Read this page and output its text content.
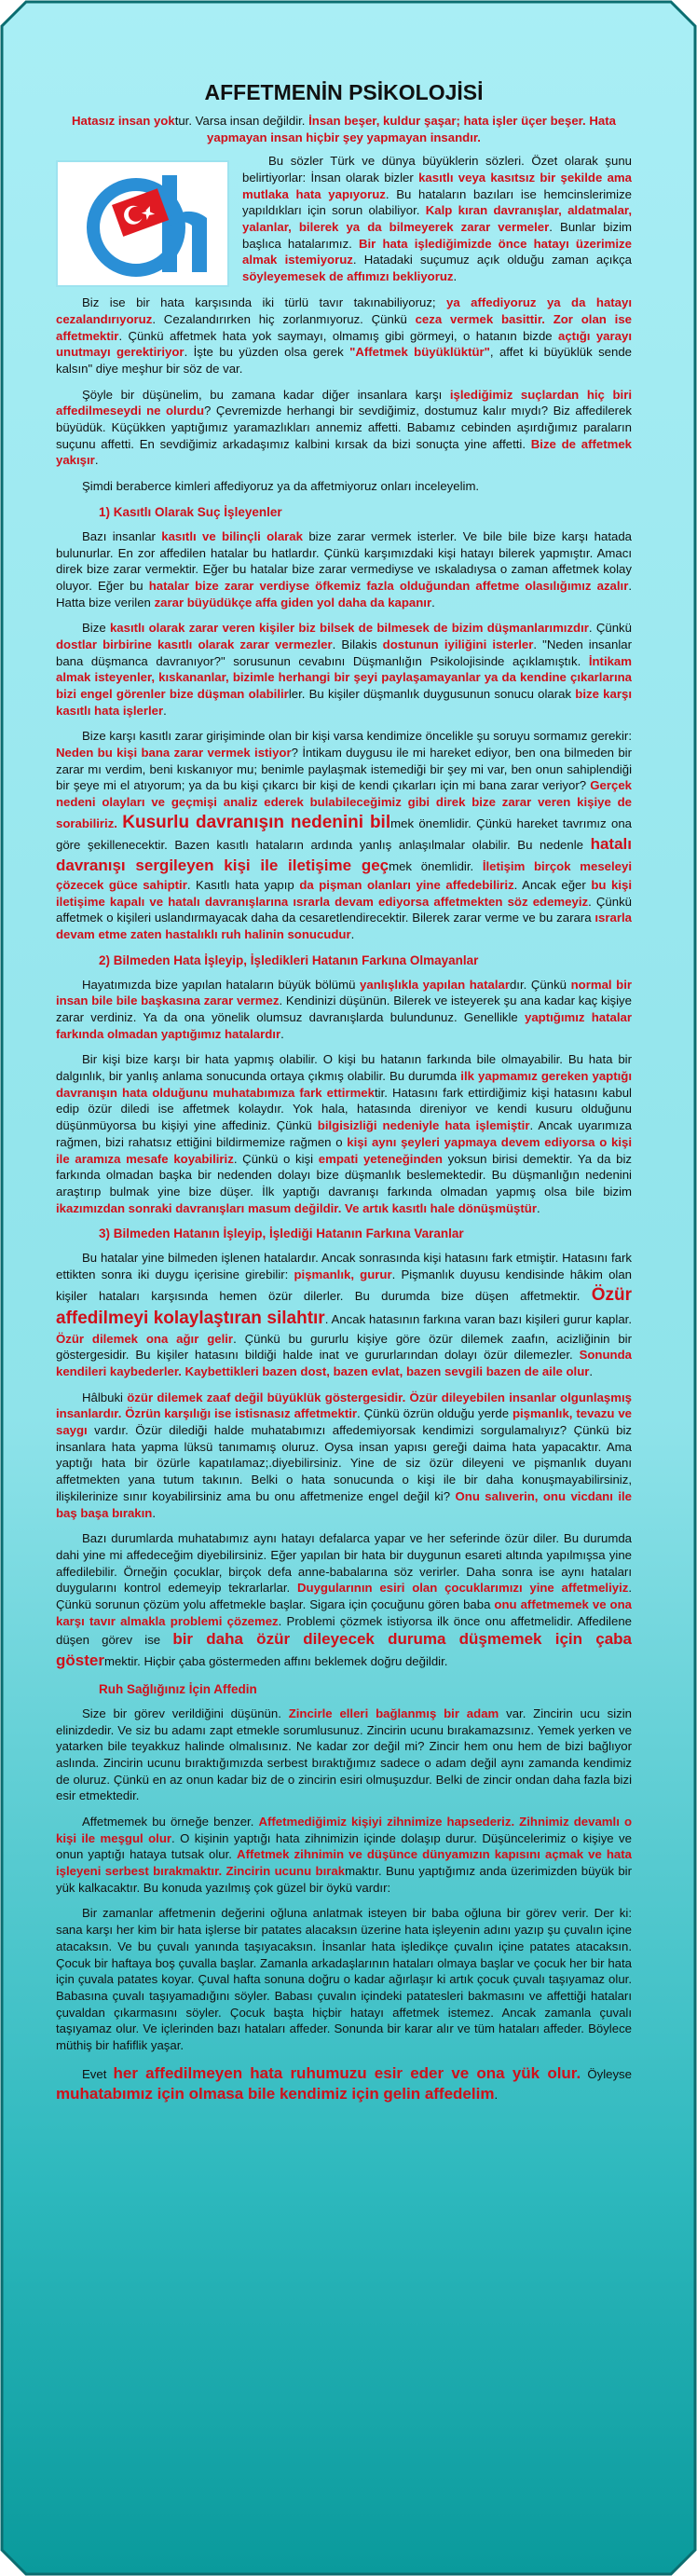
AFFETMENİN PSİKOLOJİSİ

Hatasız insan yoktur. Varsa insan değildir. İnsan beşer, kuldur şaşar; hata işler üçer beşer. Hata yapmayan insan hiçbir şey yapmayan insandır.

Bu sözler Türk ve dünya büyüklerin sözleri. Özet olarak şunu belirtiyorlar: İnsan olarak bizler kasıtlı veya kasıtsız bir şekilde ama mutlaka hata yapıyoruz. Bu hataların bazıları ise hemcinslerimize yapıldıkları için sorun olabiliyor. Kalp kıran davranışlar, aldatmalar, yalanlar, bilerek ya da bilmeyerek zarar vermeler. Bunlar bizim başlıca hatalarımız. Bir hata işlediğimizde önce hatayı üzerimize almak istemiyoruz. Hatadaki suçumuz açık olduğu zaman açıkça söyleyemesek de affımızı bekliyoruz.

Biz ise bir hata karşısında iki türlü tavır takınabiliyoruz; ya affediyoruz ya da hatayı cezalandırıyoruz. Cezalandırırken hiç zorlanmıyoruz. Çünkü ceza vermek basittir. Zor olan ise affetmektir. Çünkü affetmek hata yok saymayı, olmamış gibi görmeyi, o hatanın bizde açtığı yarayı unutmayı gerektiriyor. İşte bu yüzden olsa gerek "Affetmek büyüklüktür", affet ki büyüklük sende kalsın" diye meşhur bir söz de var.

Şöyle bir düşünelim, bu zamana kadar diğer insanlara karşı işlediğimiz suçlardan hiç biri affedilmeseydi ne olurdu? Çevremizde herhangi bir sevdiğimiz, dostumuz kalır mıydı? Biz affedilerek büyüdük. Küçükken yaptığımız yaramazlıkları annemiz affetti. Babamız cebinden aşırdığımız paraların suçunu affetti. En sevdiğimiz arkadaşımız kalbini kırsak da bizi sonuçta yine affetti. Bize de affetmek yakışır.

Şimdi beraberce kimleri affediyoruz ya da affetmiyoruz onları inceleyelim.

1) Kasıtlı Olarak Suç İşleyenler

Bazı insanlar kasıtlı ve bilinçli olarak bize zarar vermek isterler. Ve bile bile bize karşı hatada bulunurlar. En zor affedilen hatalar bu hatlardır. Çünkü karşımızdaki kişi hatayı bilerek yapmıştır. Amacı direk bize zarar vermektir. Eğer bu hatalar bize zarar vermediyse ve ıskaladıysa o zaman affetmek kolay oluyor. Eğer bu hatalar bize zarar verdiyse öfkemiz fazla olduğundan affetme olasılığımız azalır. Hatta bize verilen zarar büyüdükçe affa giden yol daha da kapanır.

Bize kasıtlı olarak zarar veren kişiler biz bilsek de bilmesek de bizim düşmanlarımızdır. Çünkü dostlar birbirine kasıtlı olarak zarar vermezler. Bilakis dostunun iyiliğini isterler. "Neden insanlar bana düşmanca davranıyor?" sorusunun cevabını Düşmanlığın Psikolojisinde açıklamıştık. İntikam almak isteyenler, kıskananlar, bizimle herhangi bir şeyi paylaşamayanlar ya da kendine çıkarlarına bizi engel görenler bize düşman olabilirler. Bu kişiler düşmanlık duygusunun sonucu olarak bize karşı kasıtlı hata işlerler.

Bize karşı kasıtlı zarar girişiminde olan bir kişi varsa kendimize öncelikle şu soruyu sormamız gerekir: Neden bu kişi bana zarar vermek istiyor? İntikam duygusu ile mi hareket ediyor, ben ona bilmeden bir zarar mı verdim, beni kıskanıyor mu; benimle paylaşmak istemediği bir şey mi var, ben onun sahiplendiği bir şeye mi el atıyorum; ya da bu kişi çıkarcı bir kişi de kendi çıkarları için mi bana zarar veriyor? Gerçek nedeni olayları ve geçmişi analiz ederek bulabileceğimiz gibi direk bize zarar veren kişiye de sorabiliriz. Kusurlu davranışın nedenini bilmek önemlidir. Çünkü hareket tavrımız ona göre şekillenecektir. Bazen kasıtlı hataların ardında yanlış anlaşılmalar olabilir. Bu nedenle hatalı davranışı sergileyen kişi ile iletişime geçmek önemlidir. İletişim birçok meseleyi çözecek güce sahiptir. Kasıtlı hata yapıp da pişman olanları yine affedebiliriz. Ancak eğer bu kişi iletişime kapalı ve hatalı davranışlarına ısrarla devam ediyorsa affetmekten söz edemeyiz. Çünkü affetmek o kişileri uslandırmayacak daha da cesaretlendirecektir. Bilerek zarar verme ve bu zarara ısrarla devam etme zaten hastalıklı ruh halinin sonucudur.

2) Bilmeden Hata İşleyip, İşledikleri Hatanın Farkına Olmayanlar

Hayatımızda bize yapılan hataların büyük bölümü yanlışlıkla yapılan hatalardır. Çünkü normal bir insan bile bile başkasına zarar vermez. Kendinizi düşünün. Bilerek ve isteyerek şu ana kadar kaç kişiye zarar verdiniz. Ya da ona yönelik olumsuz davranışlarda bulundunuz. Genellikle yaptığımız hatalar farkında olmadan yaptığımız hatalardır.

Bir kişi bize karşı bir hata yapmış olabilir. O kişi bu hatanın farkında bile olmayabilir. Bu hata bir dalgınlık, bir yanlış anlama sonucunda ortaya çıkmış olabilir. Bu durumda ilk yapmamız gereken yaptığı davranışın hata olduğunu muhatabımıza fark ettirmektir. Hatasını fark ettirdiğimiz kişi hatasını kabul edip özür diledi ise affetmek kolaydır. Yok hala, hatasında direniyor ve kendi kusuru olduğunu düşünmüyorsa bu kişiyi yine affediniz. Çünkü bilgisizliği nedeniyle hata işlemiştir. Ancak uyarımıza rağmen, bizi rahatsız ettiğini bildirmemize rağmen o kişi aynı şeyleri yapmaya devem ediyorsa o kişi ile aramıza mesafe koyabiliriz. Çünkü o kişi empati yeteneğinden yoksun birisi demektir. Ya da biz farkında olmadan başka bir nedenden dolayı bize düşmanlık beslemektedir. Bu düşmanlığın nedenini araştırıp bulmak yine bize düşer. İlk yaptığı davranışı farkında olmadan yapmış olsa bile bizim ikazımızdan sonraki davranışları masum değildir. Ve artık kasıtlı hale dönüşmüştür.

3) Bilmeden Hatanın İşleyip, İşlediği Hatanın Farkına Varanlar

Bu hatalar yine bilmeden işlenen hatalardır. Ancak sonrasında kişi hatasını fark etmiştir. Hatasını fark ettikten sonra iki duygu içerisine girebilir: pişmanlık, gurur. Pişmanlık duyusu kendisinde hâkim olan kişiler hataları karşısında hemen özür dilerler. Bu durumda bize düşen affetmektir. Özür affedilmeyi kolaylaştıran silahtır. Ancak hatasının farkına varan bazı kişileri gurur kaplar. Özür dilemek ona ağır gelir. Çünkü bu gururlu kişiye göre özür dilemek zaafın, acizliğinin bir göstergesidir. Bu kişiler hatasını bildiği halde inat ve gururlarından dolayı özür dilemezler. Sonunda kendileri kaybederler. Kaybettikleri bazen dost, bazen evlat, bazen sevgili bazen de aile olur.

Hâlbuki özür dilemek zaaf değil büyüklük göstergesidir. Özür dileyebilen insanlar olgunlaşmış insanlardır. Özrün karşılığı ise istisnasız affetmektir. Çünkü özrün olduğu yerde pişmanlık, tevazu ve saygı vardır. Özür dilediği halde muhatabımızı affedemiyorsak kendimizi sorgulamalıyız? Çünkü biz insanlara hata yapma lüksü tanımamış oluruz. Oysa insan yapısı gereği daima hata yapacaktır. Ama yaptığı hata bir özürle kapatılamaz;.diyebilirsiniz. Yine de siz özür dileyeni ve pişmanlık duyanı affetmekten yana tutum takının. Belki o hata sonucunda o kişi ile bir daha konuşmayabilirsiniz, ilişkilerinize sınır koyabilirsiniz ama bu onu affetmenize engel değil ki? Onu salıverin, onu vicdanı ile baş başa bırakın.

Bazı durumlarda muhatabımız aynı hatayı defalarca yapar ve her seferinde özür diler. Bu durumda dahi yine mi affedeceğim diyebilirsiniz. Eğer yapılan bir hata bir duygunun esareti altında yapılmışsa yine affedilebilir. Örneğin çocuklar, birçok defa anne-babalarına söz verirler. Daha sonra ise aynı hataları duygularını kontrol edemeyip tekrarlarlar. Duygularının esiri olan çocuklarımızı yine affetmeliyiz. Çünkü sorunun çözüm yolu affetmekle başlar. Sigara için çocuğunu gören baba onu affetmemek ve ona karşı tavır almakla problemi çözemez. Problemi çözmek istiyorsa ilk önce onu affetmelidir. Affedilene düşen görev ise bir daha özür dileyecek duruma düşmemek için çaba göstermektir. Hiçbir çaba göstermeden affını beklemek doğru değildir.

Ruh Sağlığınız İçin Affedin

Size bir görev verildiğini düşünün. Zincirle elleri bağlanmış bir adam var. Zincirin ucu sizin elinizdedir. Ve siz bu adamı zapt etmekle sorumlusunuz. Zincirin ucunu bırakamazsınız. Yemek yerken ve yatarken bile teyakkuz halinde olmalısınız. Ne kadar zor değil mi? Zincir hem onu hem de bizi bağlıyor aslında. Zincirin ucunu bıraktığımızda serbest bıraktığımız sadece o adam değil aynı zamanda kendimiz de oluruz. Çünkü en az onun kadar biz de o zincirin esiri olmuşuzdur. Belki de zincir ondan daha fazla bizi esir etmektedir.

Affetmemek bu örneğe benzer. Affetmediğimiz kişiyi zihnimize hapsederiz. Zihnimiz devamlı o kişi ile meşgul olur. O kişinin yaptığı hata zihnimizin içinde dolaşıp durur. Düşüncelerimiz o kişiye ve onun yaptığı hataya tutsak olur. Affetmek zihnimin ve düşünce dünyamızın kapısını açmak ve hata işleyeni serbest bırakmaktır. Zincirin ucunu bırakmaktır. Bunu yaptığımız anda üzerimizden büyük bir yük kalkacaktır. Bu konuda yazılmış çok güzel bir öykü vardır:

Bir zamanlar affetmenin değerini oğluna anlatmak isteyen bir baba oğluna bir görev verir. Der ki: sana karşı her kim bir hata işlerse bir patates alacaksın üzerine hata işleyenin adını yazıp şu çuvalın içine atacaksın. Ve bu çuvalı yanında taşıyacaksın. İnsanlar hata işledikçe çuvalın içine patates atacaksın. Çocuk bir haftaya boş çuvalla başlar. Zamanla arkadaşlarının hataları olmaya başlar ve çocuk her bir hata için çuvala patates koyar. Çuval hafta sonuna doğru o kadar ağırlaşır ki artık çocuk çuvalı taşıyamaz olur. Babasına çuvalı taşıyamadığını söyler. Babası çuvalın içindeki patatesleri bakmasını ve affettiği hataları çuvaldan çıkarmasını söyler. Çocuk başta hiçbir hatayı affetmek istemez. Ancak zamanla çuvalı taşıyamaz olur. Ve içlerinden bazı hataları affeder. Sonunda bir karar alır ve tüm hataları affeder. Böylece müthiş bir hafiflik yaşar.

Evet her affedilmeyen hata ruhumuzu esir eder ve ona yük olur. Öyleyse muhatabımız için olmasa bile kendimiz için gelin affedelim.
